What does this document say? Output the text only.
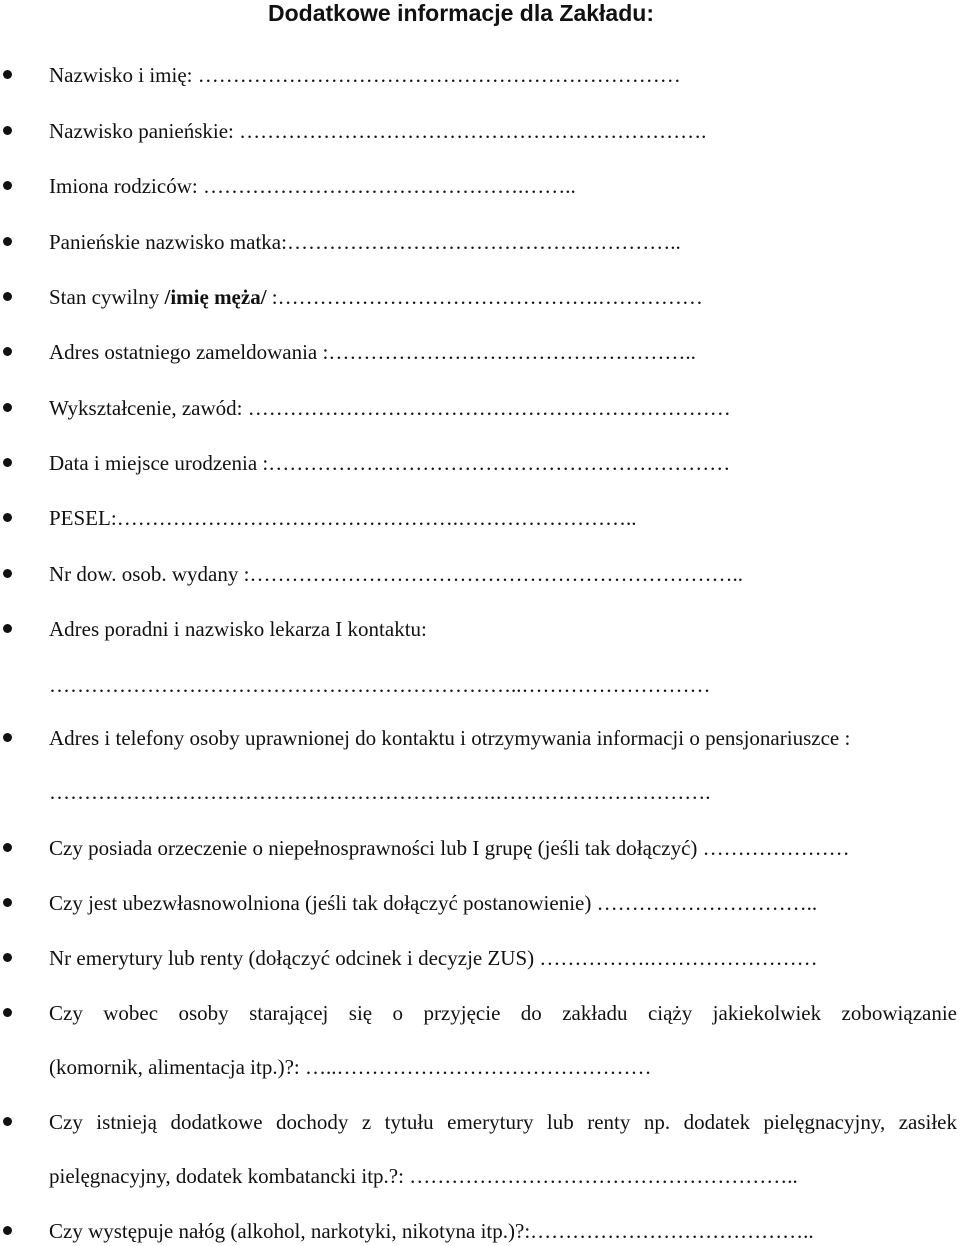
Dodatkowe informacje dla Zakładu:
Nazwisko i imię: ……………………………………………………………
Nazwisko panieńskie: ………………………………………………………….
Imiona rodziców: ……………………………………….……..
Panieńskie nazwisko matka:…………………………………….…………..
Stan cywilny /imię męża/ :……………………………………….……………
Adres ostatniego zameldowania :……………………………………………..
Wykształcenie, zawód: ……………………………………………………………
Data i miejsce urodzenia :…………………………………………………………
PESEL:………………………………………….……………………..
Nr dow. osob. wydany :……………………………………………………………..
Adres poradni i nazwisko lekarza I kontaktu:
…………………………………………………………..………………………
Adres i telefony osoby uprawnionej do kontaktu i otrzymywania informacji o pensjonariuszce :
……………………………………………………….………………………….
Czy posiada orzeczenie o niepełnosprawności lub I grupę (jeśli tak dołączyć) …………………
Czy jest ubezwłasnowolniona (jeśli tak dołączyć postanowienie) …………………………..
Nr emerytury lub renty (dołączyć odcinek i decyzje ZUS) …………….……………………
Czy wobec osoby starającej się o przyjęcie do zakładu ciąży jakiekolwiek zobowiązanie
(komornik, alimentacja itp.)?: …..………………………………………
Czy istnieją dodatkowe dochody z tytułu emerytury lub renty np. dodatek pielęgnacyjny, zasiłek
pielęgnacyjny, dodatek kombatancki itp.?: ………………………………………………..
Czy występuje nałóg (alkohol, narkotyki, nikotyna itp.)?:…………………………………..
